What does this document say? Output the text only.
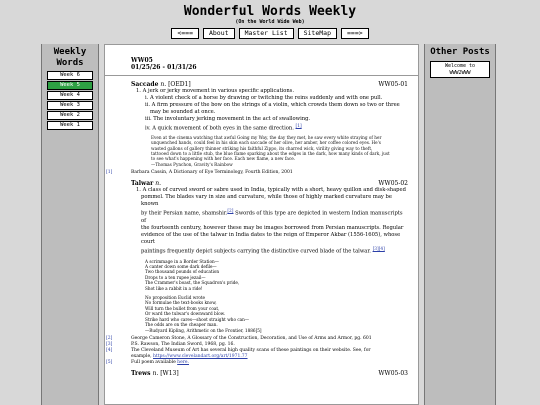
Wonderful Words Weekly
(On the World Wide Web)
<===	About	Master List	SiteMap	===>
Weekly
Words
Week 6
Week 5
Week 4
Week 3
Week 2
Week 1
Other Posts
Welcome to WWW2WWW
WW05
01/25/26 - 01/31/26
Saccade n. [OED1]	WW05-01

1. A jerk or jerky movement in various specific applications.

i. A violent check of a horse by drawing or twitching the reins suddenly and with one pull.

ii. A firm pressure of the bow on the strings of a violin, which crowds them down so two or three may be sounded at once.

iii. The involuntary jerking movement in the act of swallowing.

iv. A quick movement of both eyes in the same direction. [1]

Even at the cinema watching that awful Going my Way, the day they met, he saw every white straying of her
unquenched hands, could feel in his skin each saccade of her olive, her amber, her coffee colored eyes. He's
wasted gallons of gallery thinner striking his faithful Zippo, its charred wick, virility giving way to theft,
tattooed down to a little stub, the blue flame sparking about the edges in the dark, how many kinds of dark, just
to see what's happening with her face. Each new flame, a new face.
—Thomas Pynchon, Gravity's Rainbow
[1]	Barbara Cassin, A Dictionary of Eye Terminology, Fourth Edition, 2001
Talwar n.	WW05-02
1. A class of curved sword or sabre used in India, typically with a short, heavy quillon and disk-shaped
pommel. The blades vary in size and curvature, while those of highly marked curvature may be known
by their Persian name, shamshir.[2] Swords of this type are depicted in western Indian manuscripts of
the fourteenth century, however these may be images borrowed from Persian manuscripts. Regular
evidence of the use of the talwar in India dates to the reign of Emperor Akbar (1556-1605), whose court
paintings frequently depict subjects carrying the distinctive curved blade of the talwar. [3][4]
A scrimmage in a Border Station—
A canter down some dark defile—
Two thousand pounds of education
Drops to a ten rupee jezail—
The Crammer's boast, the Squadron's pride,
Shot like a rabbit in a ride!
No proposition Euclid wrote
No formulae the text-books know,
Will turn the bullet from your coat,
Or ward the tulwar's downward blow.
Strike hard who cares—shoot straight who can—
The odds are on the cheaper man.
—Rudyard Kipling, Arithmetic on the Frontier, 1886[5]
[2]	George Cameron Stone, A Glossary of the Construction, Decoration, and Use of Arms and Armor, pg. 601
[3]	P.S. Rawson, The Indian Sword, 1968, pg. 16.
[4]	The Cleveland Museum of Art has several high quality scans of these paintings on their website. See, for
example, https://www.clevelandart.org/art/1971.77
[5]	Full poem available here.
Trews n. [W13]	WW05-03
